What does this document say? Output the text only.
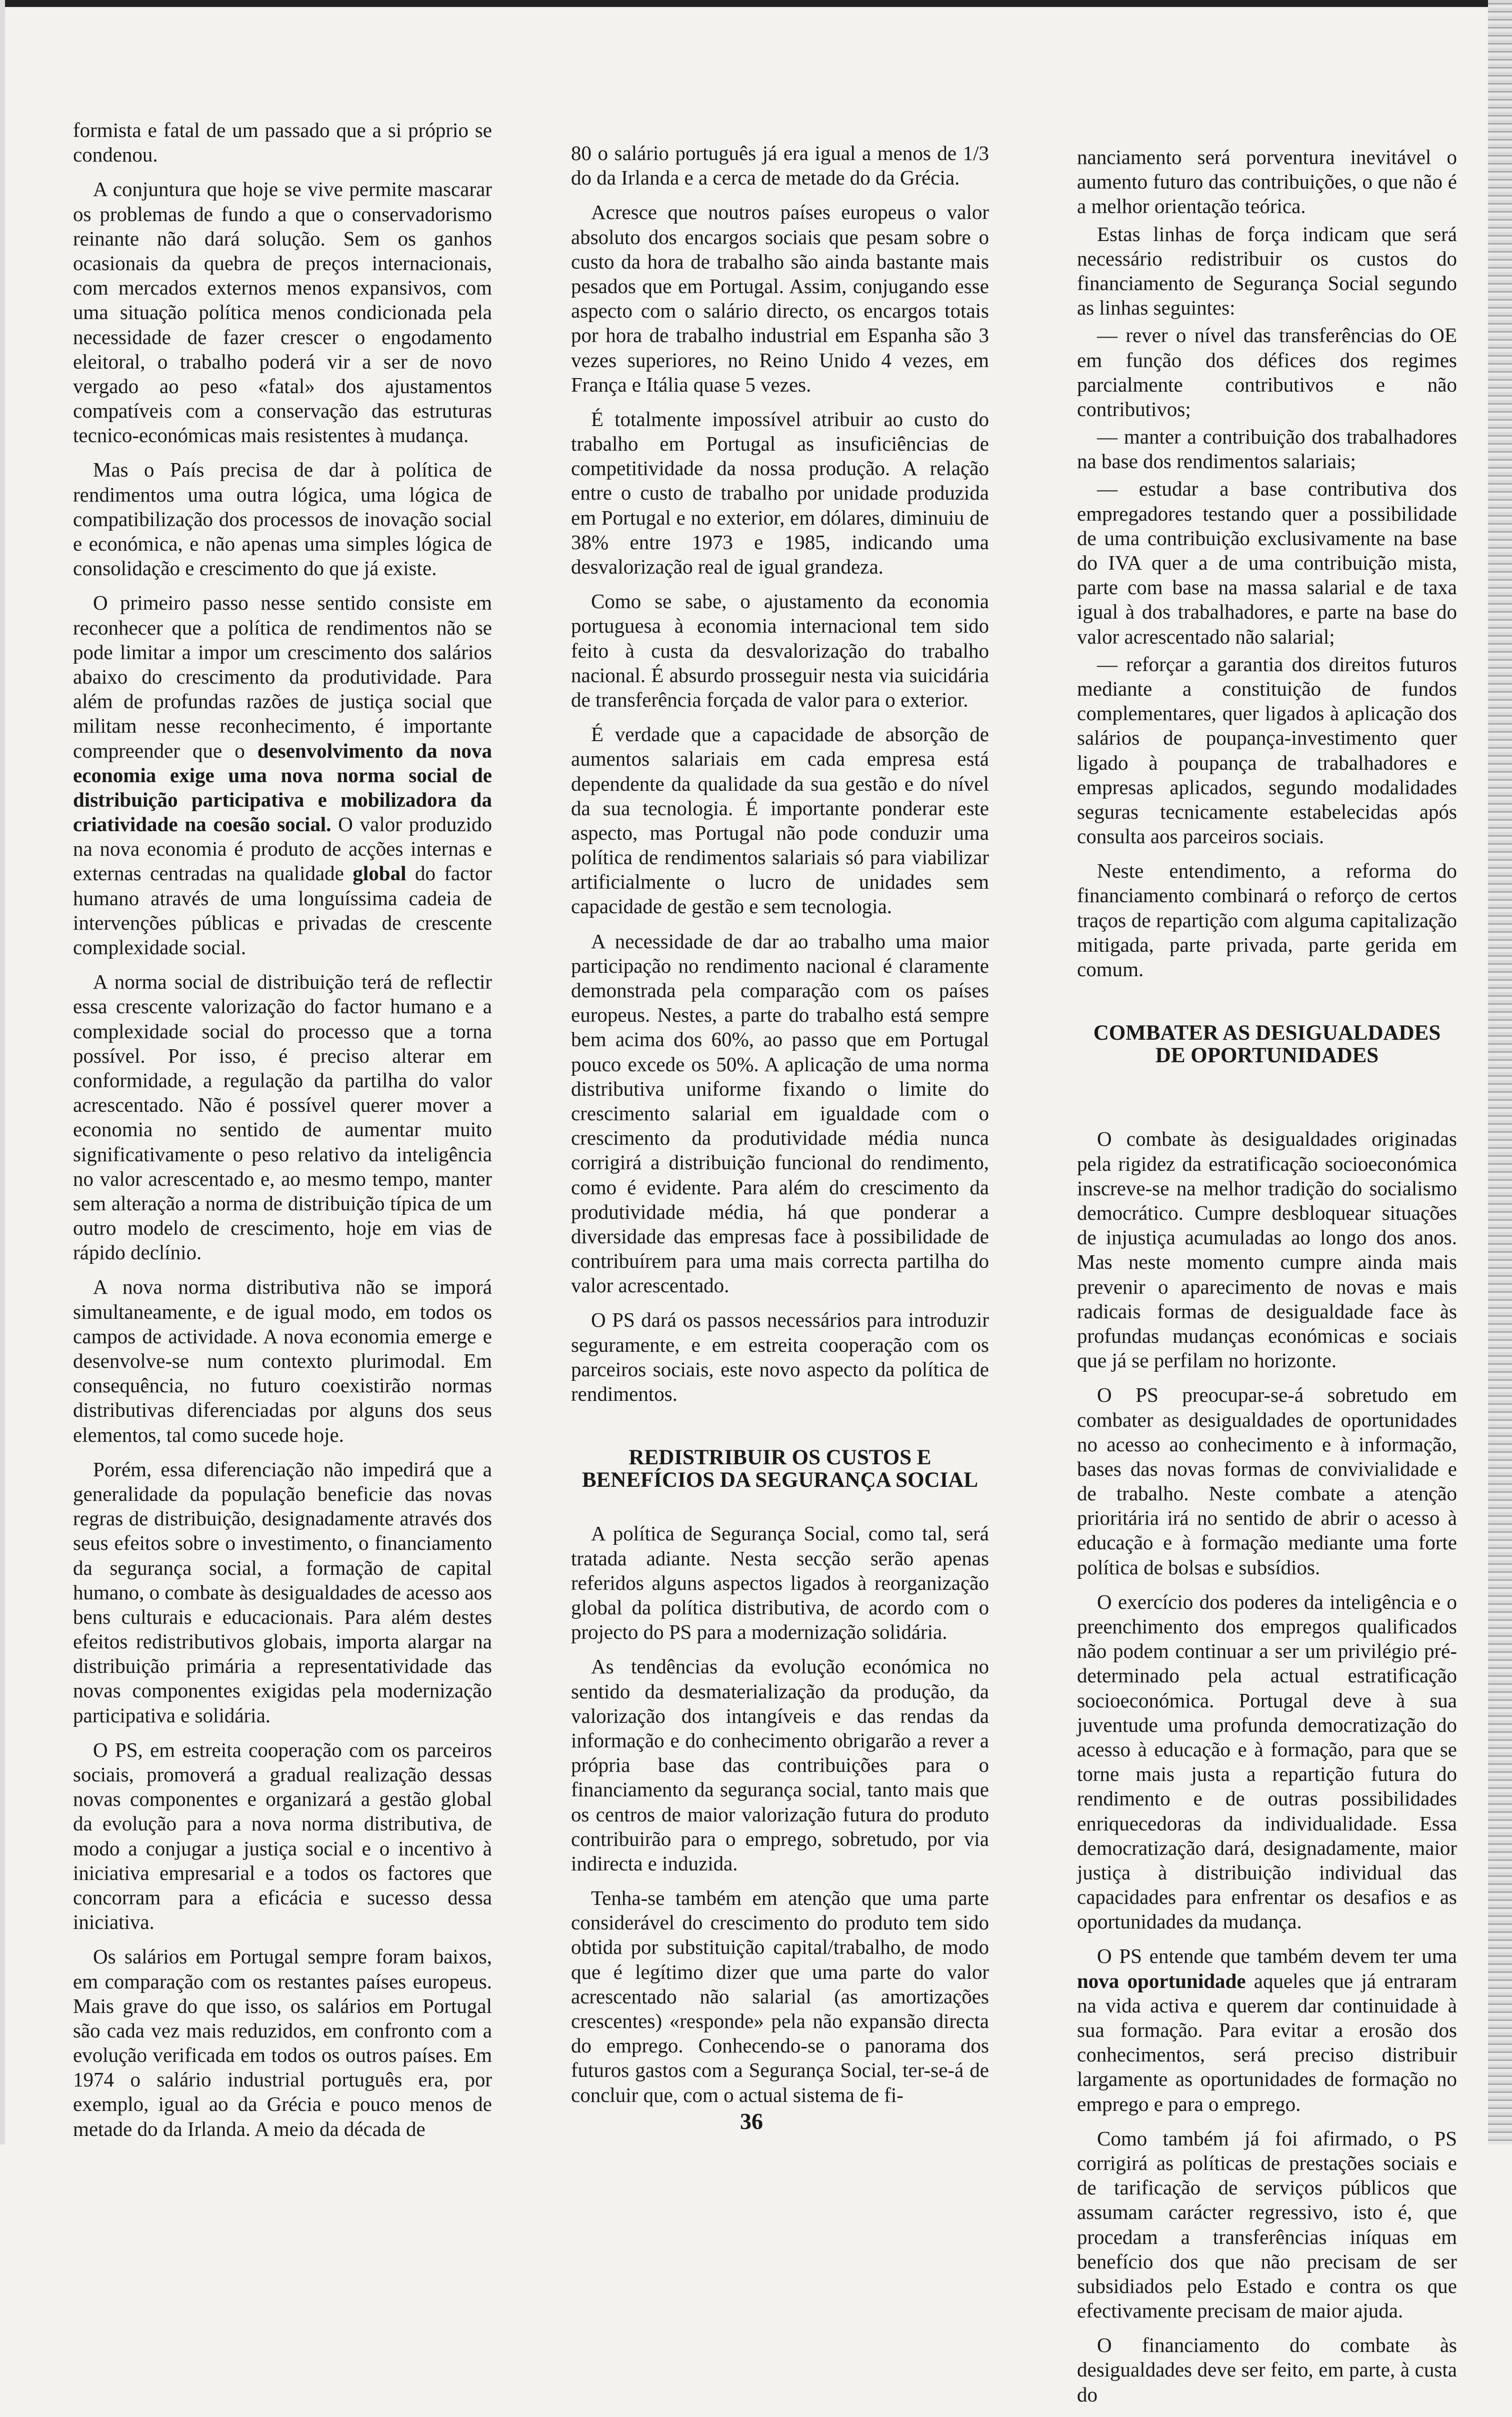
formista e fatal de um passado que a si próprio se condenou.

A conjuntura que hoje se vive permite mascarar os problemas de fundo a que o conservadorismo reinante não dará solução. Sem os ganhos ocasionais da quebra de preços internacionais, com mercados externos menos expansivos, com uma situação política menos condicionada pela necessidade de fazer crescer o engodamento eleitoral, o trabalho poderá vir a ser de novo vergado ao peso «fatal» dos ajustamentos compatíveis com a conservação das estruturas tecnico-económicas mais resistentes à mudança.

Mas o País precisa de dar à política de rendimentos uma outra lógica, uma lógica de compatibilização dos processos de inovação social e económica, e não apenas uma simples lógica de consolidação e crescimento do que já existe.

O primeiro passo nesse sentido consiste em reconhecer que a política de rendimentos não se pode limitar a impor um crescimento dos salários abaixo do crescimento da produtividade. Para além de profundas razões de justiça social que militam nesse reconhecimento, é importante compreender que o desenvolvimento da nova economia exige uma nova norma social de distribuição participativa e mobilizadora da criatividade na coesão social. O valor produzido na nova economia é produto de acções internas e externas centradas na qualidade global do factor humano através de uma longuíssima cadeia de intervenções públicas e privadas de crescente complexidade social.

A norma social de distribuição terá de reflectir essa crescente valorização do factor humano e a complexidade social do processo que a torna possível. Por isso, é preciso alterar em conformidade, a regulação da partilha do valor acrescentado. Não é possível querer mover a economia no sentido de aumentar muito significativamente o peso relativo da inteligência no valor acrescentado e, ao mesmo tempo, manter sem alteração a norma de distribuição típica de um outro modelo de crescimento, hoje em vias de rápido declínio.

A nova norma distributiva não se imporá simultaneamente, e de igual modo, em todos os campos de actividade. A nova economia emerge e desenvolve-se num contexto plurimodal. Em consequência, no futuro coexistirão normas distributivas diferenciadas por alguns dos seus elementos, tal como sucede hoje.

Porém, essa diferenciação não impedirá que a generalidade da população beneficie das novas regras de distribuição, designadamente através dos seus efeitos sobre o investimento, o financiamento da segurança social, a formação de capital humano, o combate às desigualdades de acesso aos bens culturais e educacionais. Para além destes efeitos redistributivos globais, importa alargar na distribuição primária a representatividade das novas componentes exigidas pela modernização participativa e solidária.

O PS, em estreita cooperação com os parceiros sociais, promoverá a gradual realização dessas novas componentes e organizará a gestão global da evolução para a nova norma distributiva, de modo a conjugar a justiça social e o incentivo à iniciativa empresarial e a todos os factores que concorram para a eficácia e sucesso dessa iniciativa.

Os salários em Portugal sempre foram baixos, em comparação com os restantes países europeus. Mais grave do que isso, os salários em Portugal são cada vez mais reduzidos, em confronto com a evolução verificada em todos os outros países. Em 1974 o salário industrial português era, por exemplo, igual ao da Grécia e pouco menos de metade do da Irlanda. A meio da década de

80 o salário português já era igual a menos de 1/3 do da Irlanda e a cerca de metade do da Grécia.

Acresce que noutros países europeus o valor absoluto dos encargos sociais que pesam sobre o custo da hora de trabalho são ainda bastante mais pesados que em Portugal. Assim, conjugando esse aspecto com o salário directo, os encargos totais por hora de trabalho industrial em Espanha são 3 vezes superiores, no Reino Unido 4 vezes, em França e Itália quase 5 vezes.

É totalmente impossível atribuir ao custo do trabalho em Portugal as insuficiências de competitividade da nossa produção. A relação entre o custo de trabalho por unidade produzida em Portugal e no exterior, em dólares, diminuiu de 38% entre 1973 e 1985, indicando uma desvalorização real de igual grandeza.

Como se sabe, o ajustamento da economia portuguesa à economia internacional tem sido feito à custa da desvalorização do trabalho nacional. É absurdo prosseguir nesta via suicidária de transferência forçada de valor para o exterior.

É verdade que a capacidade de absorção de aumentos salariais em cada empresa está dependente da qualidade da sua gestão e do nível da sua tecnologia. É importante ponderar este aspecto, mas Portugal não pode conduzir uma política de rendimentos salariais só para viabilizar artificialmente o lucro de unidades sem capacidade de gestão e sem tecnologia.

A necessidade de dar ao trabalho uma maior participação no rendimento nacional é claramente demonstrada pela comparação com os países europeus. Nestes, a parte do trabalho está sempre bem acima dos 60%, ao passo que em Portugal pouco excede os 50%. A aplicação de uma norma distributiva uniforme fixando o limite do crescimento salarial em igualdade com o crescimento da produtividade média nunca corrigirá a distribuição funcional do rendimento, como é evidente. Para além do crescimento da produtividade média, há que ponderar a diversidade das empresas face à possibilidade de contribuírem para uma mais correcta partilha do valor acrescentado.

O PS dará os passos necessários para introduzir seguramente, e em estreita cooperação com os parceiros sociais, este novo aspecto da política de rendimentos.

REDISTRIBUIR OS CUSTOS E BENEFÍCIOS DA SEGURANÇA SOCIAL

A política de Segurança Social, como tal, será tratada adiante. Nesta secção serão apenas referidos alguns aspectos ligados à reorganização global da política distributiva, de acordo com o projecto do PS para a modernização solidária.

As tendências da evolução económica no sentido da desmaterialização da produção, da valorização dos intangíveis e das rendas da informação e do conhecimento obrigarão a rever a própria base das contribuições para o financiamento da segurança social, tanto mais que os centros de maior valorização futura do produto contribuirão para o emprego, sobretudo, por via indirecta e induzida.

Tenha-se também em atenção que uma parte considerável do crescimento do produto tem sido obtida por substituição capital/trabalho, de modo que é legítimo dizer que uma parte do valor acrescentado não salarial (as amortizações crescentes) «responde» pela não expansão directa do emprego. Conhecendo-se o panorama dos futuros gastos com a Segurança Social, ter-se-á de concluir que, com o actual sistema de fi-

nanciamento será porventura inevitável o aumento futuro das contribuições, o que não é a melhor orientação teórica.

Estas linhas de força indicam que será necessário redistribuir os custos do financiamento de Segurança Social segundo as linhas seguintes:

— rever o nível das transferências do OE em função dos défices dos regimes parcialmente contributivos e não contributivos;

— manter a contribuição dos trabalhadores na base dos rendimentos salariais;

— estudar a base contributiva dos empregadores testando quer a possibilidade de uma contribuição exclusivamente na base do IVA quer a de uma contribuição mista, parte com base na massa salarial e de taxa igual à dos trabalhadores, e parte na base do valor acrescentado não salarial;

— reforçar a garantia dos direitos futuros mediante a constituição de fundos complementares, quer ligados à aplicação dos salários de poupança-investimento quer ligado à poupança de trabalhadores e empresas aplicados, segundo modalidades seguras tecnicamente estabelecidas após consulta aos parceiros sociais.

Neste entendimento, a reforma do financiamento combinará o reforço de certos traços de repartição com alguma capitalização mitigada, parte privada, parte gerida em comum.

COMBATER AS DESIGUALDADES DE OPORTUNIDADES

O combate às desigualdades originadas pela rigidez da estratificação socioeconómica inscreve-se na melhor tradição do socialismo democrático. Cumpre desbloquear situações de injustiça acumuladas ao longo dos anos. Mas neste momento cumpre ainda mais prevenir o aparecimento de novas e mais radicais formas de desigualdade face às profundas mudanças económicas e sociais que já se perfilam no horizonte.

O PS preocupar-se-á sobretudo em combater as desigualdades de oportunidades no acesso ao conhecimento e à informação, bases das novas formas de convivialidade e de trabalho. Neste combate a atenção prioritária irá no sentido de abrir o acesso à educação e à formação mediante uma forte política de bolsas e subsídios.

O exercício dos poderes da inteligência e o preenchimento dos empregos qualificados não podem continuar a ser um privilégio pré-determinado pela actual estratificação socioeconómica. Portugal deve à sua juventude uma profunda democratização do acesso à educação e à formação, para que se torne mais justa a repartição futura do rendimento e de outras possibilidades enriquecedoras da individualidade. Essa democratização dará, designadamente, maior justiça à distribuição individual das capacidades para enfrentar os desafios e as oportunidades da mudança.

O PS entende que também devem ter uma nova oportunidade aqueles que já entraram na vida activa e querem dar continuidade à sua formação. Para evitar a erosão dos conhecimentos, será preciso distribuir largamente as oportunidades de formação no emprego e para o emprego.

Como também já foi afirmado, o PS corrigirá as políticas de prestações sociais e de tarificação de serviços públicos que assumam carácter regressivo, isto é, que procedam a transferências iníquas em benefício dos que não precisam de ser subsidiados pelo Estado e contra os que efectivamente precisam de maior ajuda.

O financiamento do combate às desigualdades deve ser feito, em parte, à custa do

36
